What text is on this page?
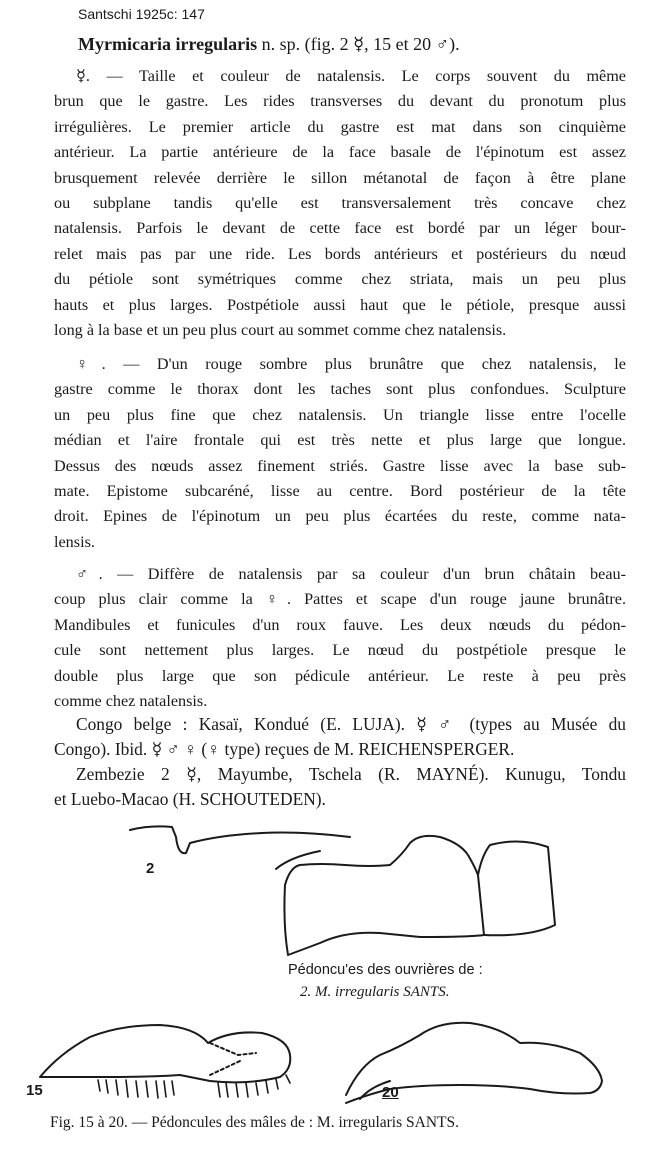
Santschi 1925c: 147
Myrmicaria irregularis n. sp. (fig. 2 ☿, 15 et 20 ♂).
☿. — Taille et couleur de natalensis. Le corps souvent du même
brun que le gastre. Les rides transverses du devant du pronotum plus
irrégulières. Le premier article du gastre est mat dans son cinquième
antérieur. La partie antérieure de la face basale de l'épinotum est assez
brusquement relevée derrière le sillon métanotal de façon à être plane
ou subplane tandis qu'elle est transversalement très concave chez
natalensis. Parfois le devant de cette face est bordé par un léger bour-
relet mais pas par une ride. Les bords antérieurs et postérieurs du nœud
du pétiole sont symétriques comme chez striata, mais un peu plus
hauts et plus larges. Postpétiole aussi haut que le pétiole, presque aussi
long à la base et un peu plus court au sommet comme chez natalensis.
♀. — D'un rouge sombre plus brunâtre que chez natalensis, le
gastre comme le thorax dont les taches sont plus confondues. Sculpture
un peu plus fine que chez natalensis. Un triangle lisse entre l'ocelle
médian et l'aire frontale qui est très nette et plus large que longue.
Dessus des nœuds assez finement striés. Gastre lisse avec la base sub-
mate. Epistome subcaréné, lisse au centre. Bord postérieur de la tête
droit. Epines de l'épinotum un peu plus écartées du reste, comme nata-
lensis.
♂. — Diffère de natalensis par sa couleur d'un brun châtain beau-
coup plus clair comme la ♀. Pattes et scape d'un rouge jaune brunâtre.
Mandibules et funicules d'un roux fauve. Les deux nœuds du pédon-
cule sont nettement plus larges. Le nœud du postpétiole presque le
double plus large que son pédicule antérieur. Le reste à peu près
comme chez natalensis.
Congo belge : Kasaï, Kondué (E. LUJA). ☿ ♂ (types au Musée du
Congo). Ibid. ☿ ♂ ♀ (♀ type) reçues de M. REICHENSPERGER.
Zembezie 2 ☿, Mayumbe, Tschela (R. MAYNÉ). Kunugu, Tondu
et Luebo-Macao (H. SCHOUTEDEN).
2
Pédoncu'es des ouvrières de :
2. M. irregularis SANTS.
15	20
Fig. 15 à 20. — Pédoncules des mâles de : M. irregularis SANTS.
